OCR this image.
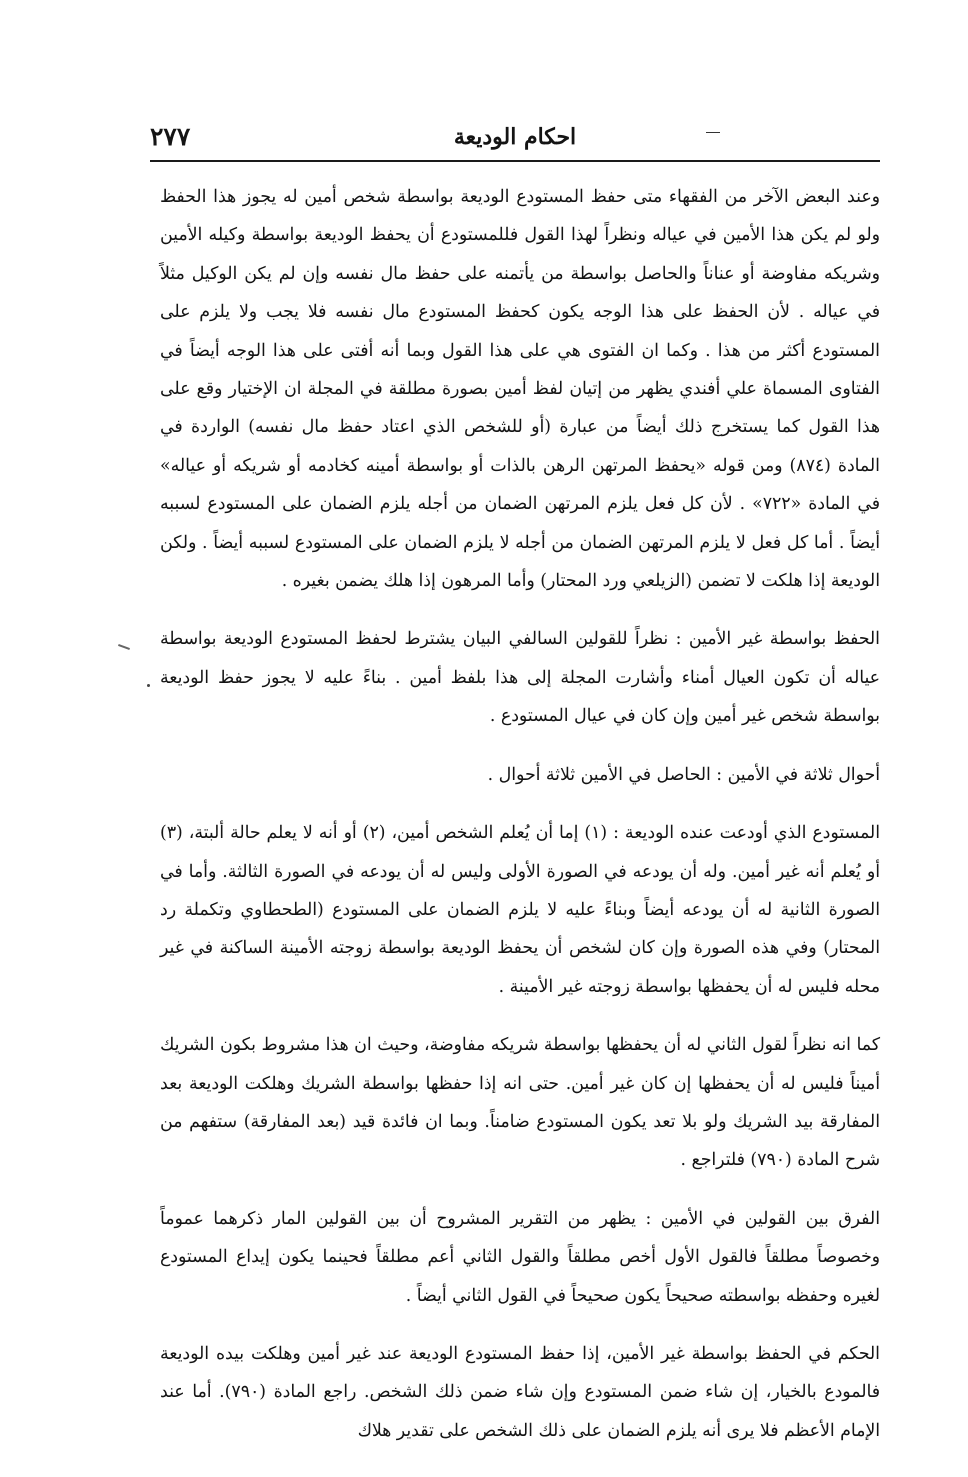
٢٧٧	احكام الوديعة

وعند البعض الآخر من الفقهاء متى حفظ المستودع الوديعة بواسطة شخص أمين له يجوز هذا الحفظ ولو لم يكن هذا الأمين في عياله ونظراً لهذا القول فللمستودع أن يحفظ الوديعة بواسطة وكيله الأمين وشريكه مفاوضة أو عناناً والحاصل بواسطة من يأتمنه على حفظ مال نفسه وإن لم يكن الوكيل مثلاً في عياله . لأن الحفظ على هذا الوجه يكون كحفظ المستودع مال نفسه فلا يجب ولا يلزم على المستودع أكثر من هذا . وكما ان الفتوى هي على هذا القول وبما أنه أفتى على هذا الوجه أيضاً في الفتاوى المسماة علي أفندي يظهر من إتيان لفظ أمين بصورة مطلقة في المجلة ان الإختيار وقع على هذا القول كما يستخرج ذلك أيضاً من عبارة (أو للشخص الذي اعتاد حفظ مال نفسه) الواردة في المادة (٨٧٤) ومن قوله «يحفظ المرتهن الرهن بالذات أو بواسطة أمينه كخادمه أو شريكه أو عياله» في المادة «٧٢٢» . لأن كل فعل يلزم المرتهن الضمان من أجله يلزم الضمان على المستودع لسببه أيضاً . أما كل فعل لا يلزم المرتهن الضمان من أجله لا يلزم الضمان على المستودع لسببه أيضاً . ولكن الوديعة إذا هلكت لا تضمن (الزيلعي ورد المحتار) وأما المرهون إذا هلك يضمن بغيره .

الحفظ بواسطة غير الأمين : نظراً للقولين السالفي البيان يشترط لحفظ المستودع الوديعة بواسطة عياله أن تكون العيال أمناء وأشارت المجلة إلى هذا بلفظ أمين . بناءً عليه لا يجوز حفظ الوديعة بواسطة شخص غير أمين وإن كان في عيال المستودع .

أحوال ثلاثة في الأمين : الحاصل في الأمين ثلاثة أحوال .

المستودع الذي أودعت عنده الوديعة : (١) إما أن يُعلم الشخص أمين، (٢) أو أنه لا يعلم حالة ألبتة، (٣) أو يُعلم أنه غير أمين. وله أن يودعه في الصورة الأولى وليس له أن يودعه في الصورة الثالثة. وأما في الصورة الثانية له أن يودعه أيضاً وبناءً عليه لا يلزم الضمان على المستودع (الطحطاوي وتكملة رد المحتار) وفي هذه الصورة وإن كان لشخص أن يحفظ الوديعة بواسطة زوجته الأمينة الساكنة في غير محله فليس له أن يحفظها بواسطة زوجته غير الأمينة .

كما انه نظراً لقول الثاني له أن يحفظها بواسطة شريكه مفاوضة، وحيث ان هذا مشروط بكون الشريك أميناً فليس له أن يحفظها إن كان غير أمين. حتى انه إذا حفظها بواسطة الشريك وهلكت الوديعة بعد المفارقة بيد الشريك ولو بلا تعد يكون المستودع ضامناً. وبما ان فائدة قيد (بعد المفارقة) ستفهم من شرح المادة (٧٩٠) فلتراجع .

الفرق بين القولين في الأمين : يظهر من التقرير المشروح أن بين القولين المار ذكرهما عموماً وخصوصاً مطلقاً فالقول الأول أخص مطلقاً والقول الثاني أعم مطلقاً فحينما يكون إيداع المستودع لغيره وحفظه بواسطته صحيحاً يكون صحيحاً في القول الثاني أيضاً .

الحكم في الحفظ بواسطة غير الأمين، إذا حفظ المستودع الوديعة عند غير أمين وهلكت بيده الوديعة فالمودع بالخيار، إن شاء ضمن المستودع وإن شاء ضمن ذلك الشخص. راجع المادة (٧٩٠). أما عند الإمام الأعظم فلا يرى أنه يلزم الضمان على ذلك الشخص على تقدير هلاك
